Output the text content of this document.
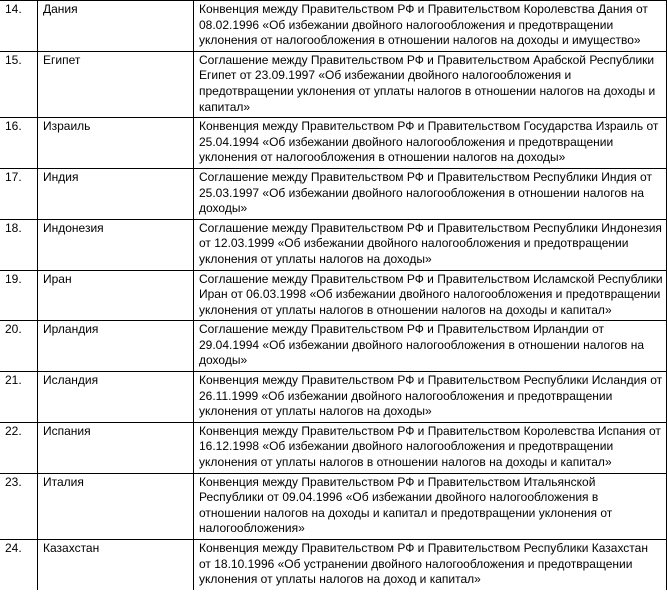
14.	Дания	Конвенция между Правительством РФ и Правительством Королевства Дания от 08.02.1996 «Об избежании двойного налогообложения и предотвращении уклонения от налогообложения в отношении налогов на доходы и имущество»
15.	Египет	Соглашение между Правительством РФ и Правительством Арабской Республики Египет от 23.09.1997 «Об избежании двойного налогообложения и предотвращении уклонения от уплаты налогов в отношении налогов на доходы и капитал»
16.	Израиль	Конвенция между Правительством РФ и Правительством Государства Израиль от 25.04.1994 «Об избежании двойного налогообложения и предотвращении уклонения от налогообложения в отношении налогов на доходы»
17.	Индия	Соглашение между Правительством РФ и Правительством Республики Индия от 25.03.1997 «Об избежании двойного налогообложения в отношении налогов на доходы»
18.	Индонезия	Соглашение между Правительством РФ и Правительством Республики Индонезия от 12.03.1999 «Об избежании двойного налогообложения и предотвращении уклонения от уплаты налогов на доходы»
19.	Иран	Соглашение между Правительством РФ и Правительством Исламской Республики Иран от 06.03.1998 «Об избежании двойного налогообложения и предотвращении уклонения от уплаты налогов в отношении налогов на доходы и капитал»
20.	Ирландия	Соглашение между Правительством РФ и Правительством Ирландии от 29.04.1994 «Об избежании двойного налогообложения в отношении налогов на доходы»
21.	Исландия	Конвенция между Правительством РФ и Правительством Республики Исландия от 26.11.1999 «Об избежании двойного налогообложения и предотвращении уклонения от уплаты налогов на доходы»
22.	Испания	Конвенция между Правительством РФ и Правительством Королевства Испания от 16.12.1998 «Об избежании двойного налогообложения и предотвращении уклонения от уплаты налогов в отношении налогов на доходы и капитал»
23.	Италия	Конвенция между Правительством РФ и Правительством Итальянской Республики от 09.04.1996 «Об избежании двойного налогообложения в отношении налогов на доходы и капитал и предотвращении уклонения от налогообложения»
24.	Казахстан	Конвенция между Правительством РФ и Правительством Республики Казахстан от 18.10.1996 «Об устранении двойного налогообложения и предотвращении уклонения от уплаты налогов на доход и капитал»
